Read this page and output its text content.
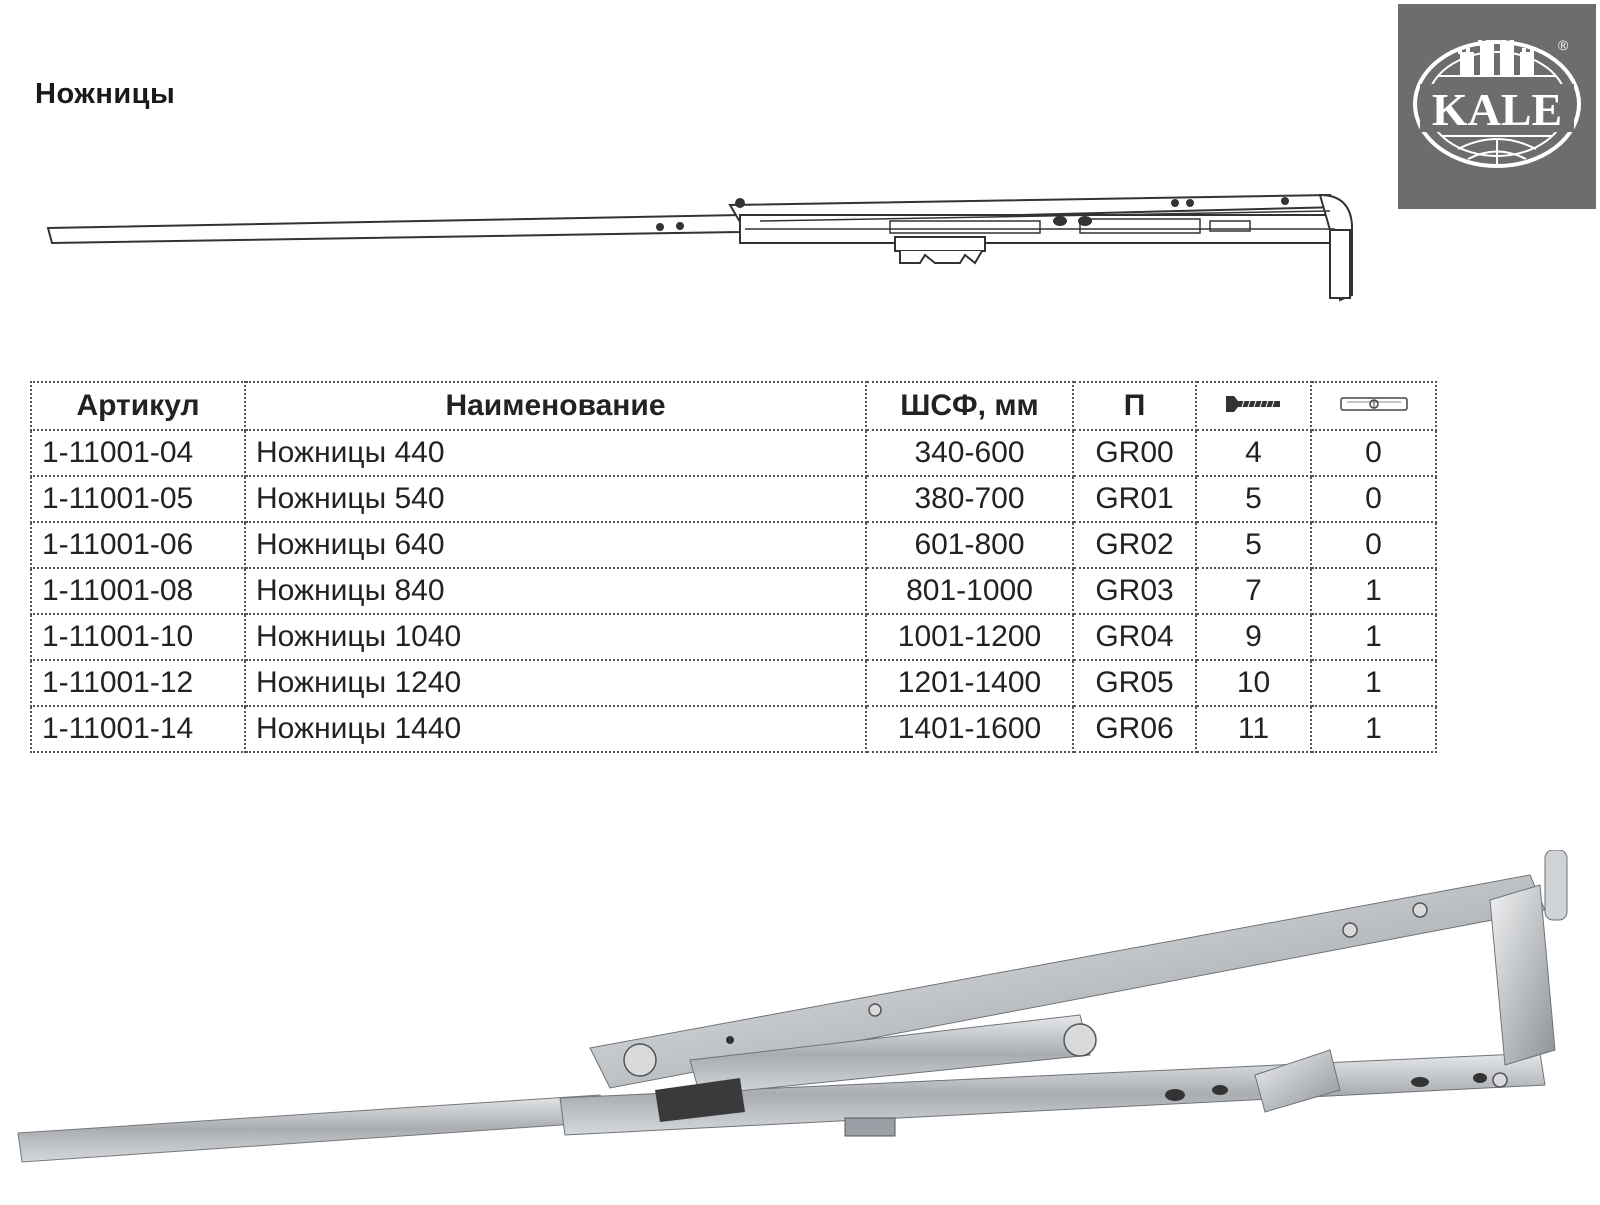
Ножницы	KALE
®
Артикул	Наименование	ШСФ, мм	П		
1-11001-04	Ножницы 440	340-600	GR00	4	0
1-11001-05	Ножницы 540	380-700	GR01	5	0
1-11001-06	Ножницы 640	601-800	GR02	5	0
1-11001-08	Ножницы 840	801-1000	GR03	7	1
1-11001-10	Ножницы 1040	1001-1200	GR04	9	1
1-11001-12	Ножницы 1240	1201-1400	GR05	10	1
1-11001-14	Ножницы 1440	1401-1600	GR06	11	1
